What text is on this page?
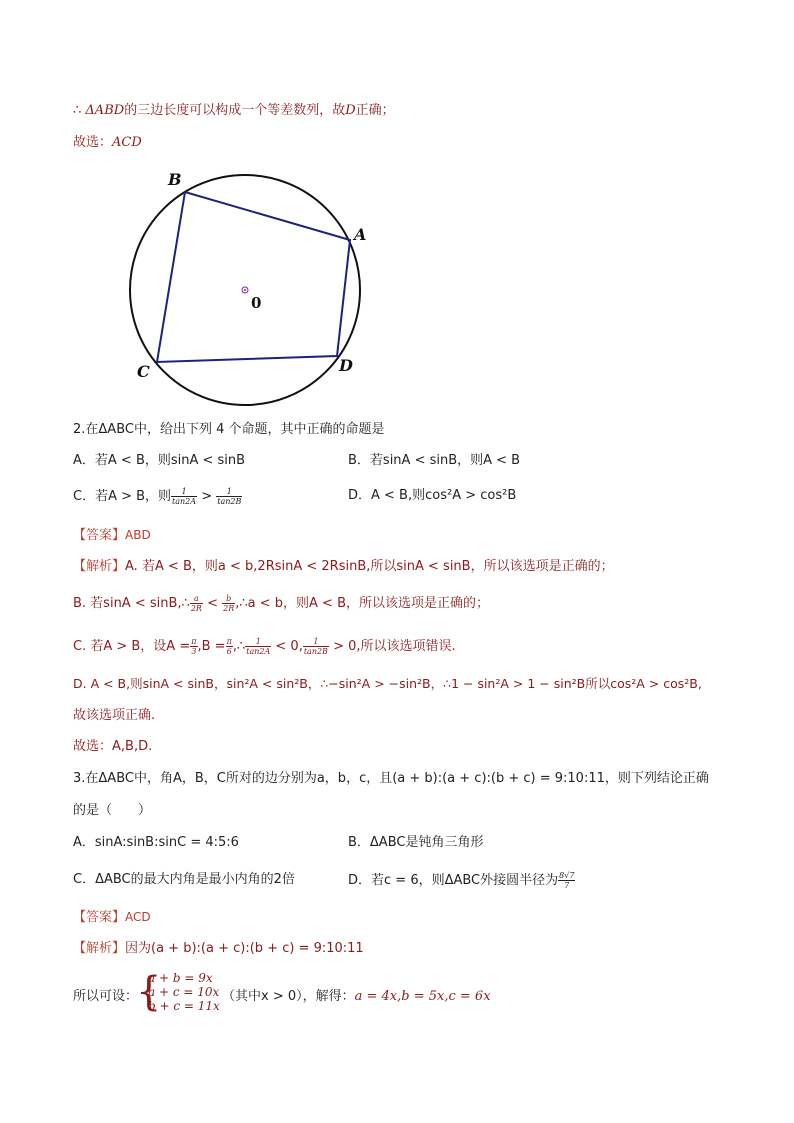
∴ ΔABD的三边长度可以构成一个等差数列，故D正确；
故选：ACD
B
A
C	D
0
2.在ΔABC中，给出下列 4 个命题，其中正确的命题是
A．若A < B，则sinA < sinB	B．若sinA < sinB，则A < B
C．若A > B，则 $\frac{1}{\tan 2A} > \frac{1}{\tan 2B}$	D．A < B,则cos²A > cos²B
【答案】ABD
【解析】A. 若A < B，则a < b,2RsinA < 2RsinB,所以sinA < sinB，所以该选项是正确的；
B. 若sinA < sinB,∴ $\frac{a}{2R} < \frac{b}{2R}$ ,∴a < b，则A < B，所以该选项是正确的；
C. 若A > B，设$A = \frac{\pi}{3} ,B = \frac{\pi}{6}$ ,∴ $\frac{1}{\tan 2A} < 0$, $\frac{1}{\tan 2B} > 0$,所以该选项错误.
D. A < B,则sinA < sinB，sin²A < sin²B，∴−sin²A > −sin²B，∴1 − sin²A > 1 − sin²B所以cos²A > cos²B,
故该选项正确.
故选：A,B,D.
3.在ΔABC中，角A，B，C所对的边分别为a，b，c，且(a + b):(a + c):(b + c) = 9:10:11，则下列结论正确
的是（　　）
A．sinA:sinB:sinC = 4:5:6	B．ΔABC是钝角三角形
C．ΔABC的最大内角是最小内角的2倍	D．若c = 6，则ΔABC外接圆半径为 $\frac{8√7}{7}$
【答案】ACD
【解析】因为(a + b):(a + c):(b + c) = 9:10:11
所以可设：
{
a + b = 9x
a + c = 10x
b + c = 11x
（其中x > 0），解得：a = 4x,b = 5x,c = 6x
